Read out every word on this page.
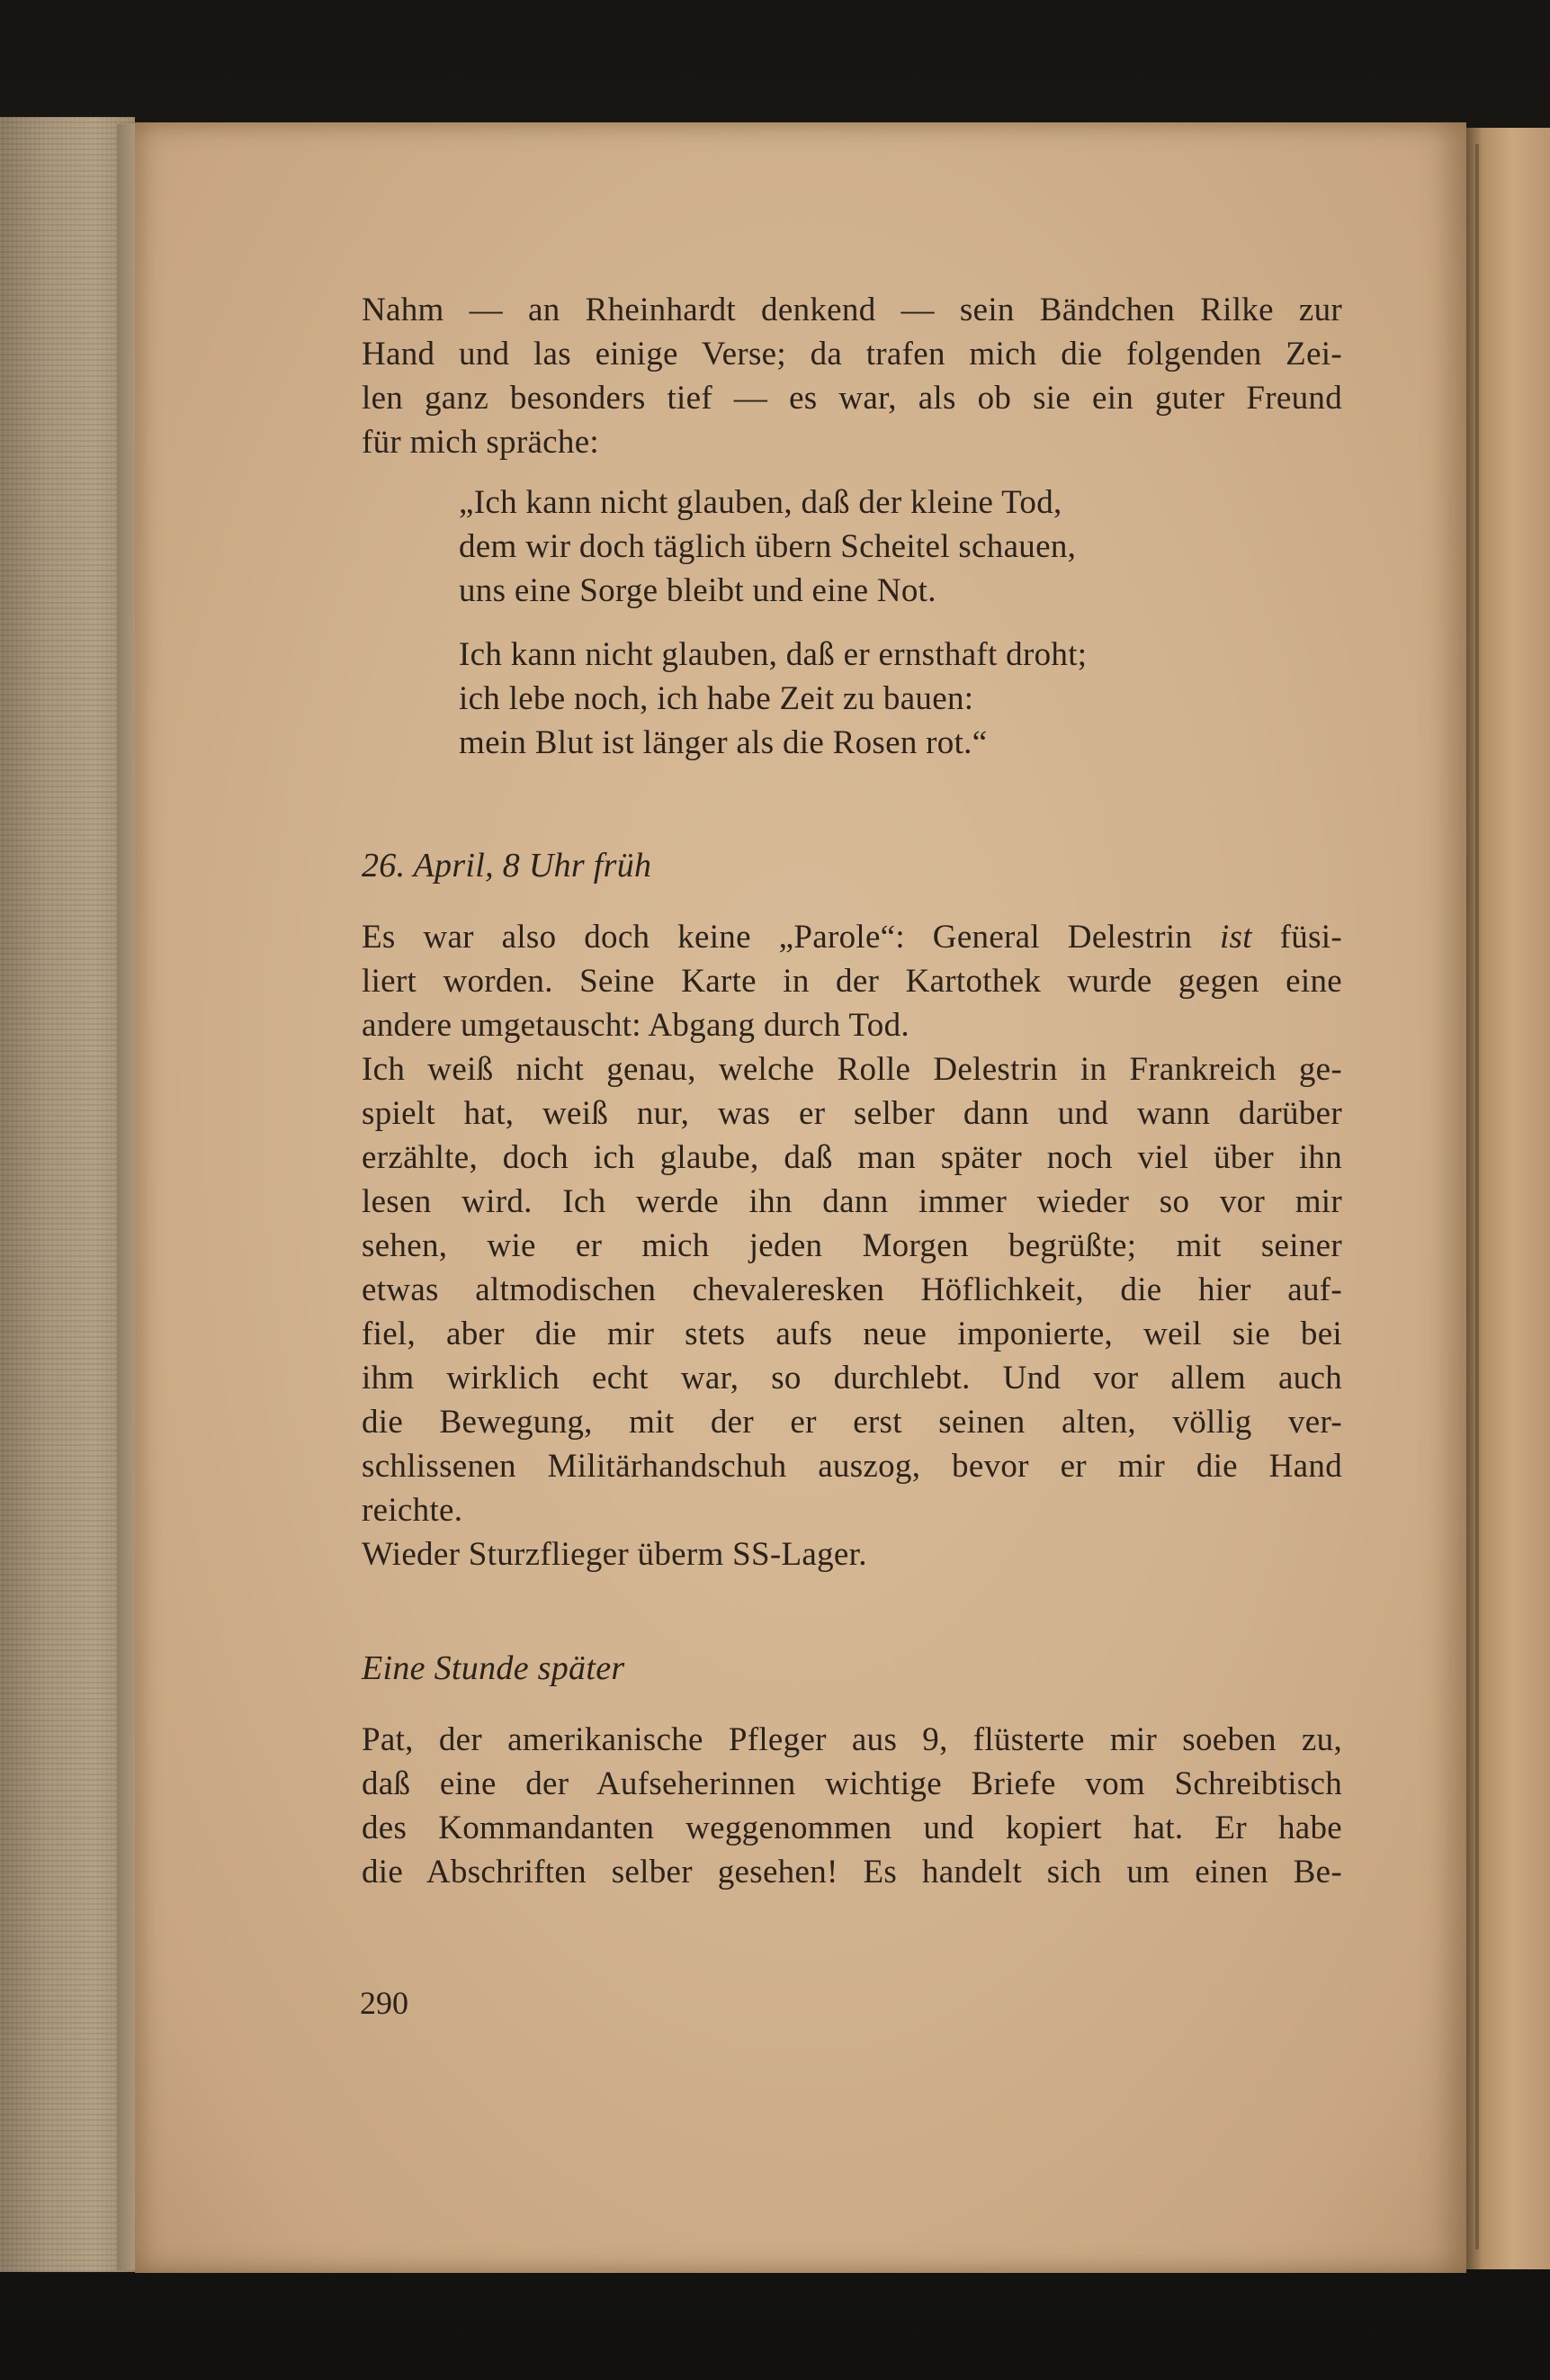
Nahm — an Rheinhardt denkend — sein Bändchen Rilke zur
Hand und las einige Verse; da trafen mich die folgenden Zei-
len ganz besonders tief — es war, als ob sie ein guter Freund
für mich spräche:

„Ich kann nicht glauben, daß der kleine Tod,
dem wir doch täglich übern Scheitel schauen,
uns eine Sorge bleibt und eine Not.
Ich kann nicht glauben, daß er ernsthaft droht;
ich lebe noch, ich habe Zeit zu bauen:
mein Blut ist länger als die Rosen rot.“
26. April, 8 Uhr früh

Es war also doch keine „Parole“: General Delestrin ist füsi-
liert worden. Seine Karte in der Kartothek wurde gegen eine
andere umgetauscht: Abgang durch Tod.

Ich weiß nicht genau, welche Rolle Delestrin in Frankreich ge-
spielt hat, weiß nur, was er selber dann und wann darüber
erzählte, doch ich glaube, daß man später noch viel über ihn
lesen wird. Ich werde ihn dann immer wieder so vor mir
sehen, wie er mich jeden Morgen begrüßte; mit seiner
etwas altmodischen chevaleresken Höflichkeit, die hier auf-
fiel, aber die mir stets aufs neue imponierte, weil sie bei
ihm wirklich echt war, so durchlebt. Und vor allem auch
die Bewegung, mit der er erst seinen alten, völlig ver-
schlissenen Militärhandschuh auszog, bevor er mir die Hand
reichte.

Wieder Sturzflieger überm SS-Lager.

Eine Stunde später

Pat, der amerikanische Pfleger aus 9, flüsterte mir soeben zu,
daß eine der Aufseherinnen wichtige Briefe vom Schreibtisch
des Kommandanten weggenommen und kopiert hat. Er habe
die Abschriften selber gesehen! Es handelt sich um einen Be-

290
